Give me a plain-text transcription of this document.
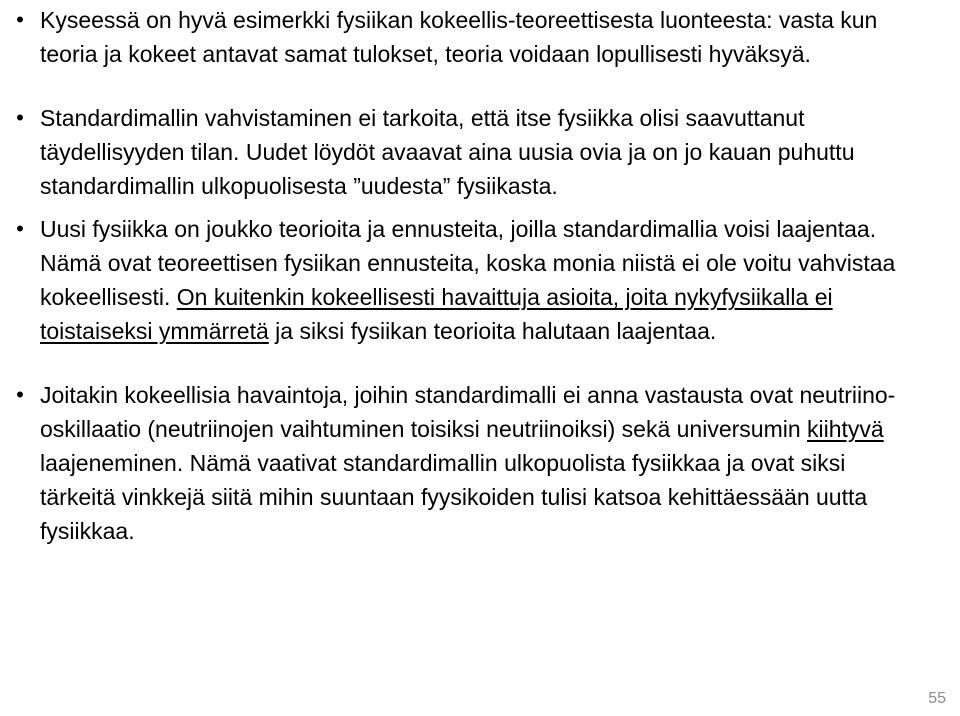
• Kyseessä on hyvä esimerkki fysiikan kokeellis-teoreettisesta luonteesta: vasta kun teoria ja kokeet antavat samat tulokset, teoria voidaan lopullisesti hyväksyä.
• Standardimallin vahvistaminen ei tarkoita, että itse fysiikka olisi saavuttanut täydellisyyden tilan. Uudet löydöt avaavat aina uusia ovia ja on jo kauan puhuttu standardimallin ulkopuolisesta ”uudesta” fysiikasta.
• Uusi fysiikka on joukko teorioita ja ennusteita, joilla standardimallia voisi laajentaa. Nämä ovat teoreettisen fysiikan ennusteita, koska monia niistä ei ole voitu vahvistaa kokeellisesti. On kuitenkin kokeellisesti havaittuja asioita, joita nykyfysiikalla ei toistaiseksi ymmärretä ja siksi fysiikan teorioita halutaan laajentaa.
• Joitakin kokeellisia havaintoja, joihin standardimalli ei anna vastausta ovat neutriino-oskillaatio (neutriinojen vaihtuminen toisiksi neutriinoiksi) sekä universumin kiihtyvä laajeneminen. Nämä vaativat standardimallin ulkopuolista fysiikkaa ja ovat siksi tärkeitä vinkkejä siitä mihin suuntaan fyysikoiden tulisi katsoa kehittäessään uutta fysiikkaa.
55
